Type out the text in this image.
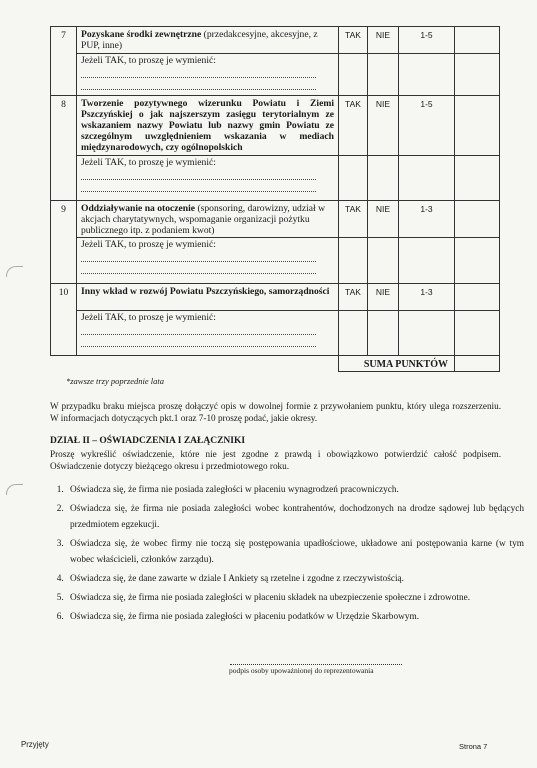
7	Pozyskane środki zewnętrzne (przedakcesyjne, akcesyjne, z PUP, inne)	TAK	NIE	1-5	

	Jeżeli TAK, to proszę je wymienić:				

8	Tworzenie pozytywnego wizerunku Powiatu i Ziemi Pszczyńskiej o jak najszerszym zasięgu terytorialnym ze wskazaniem nazwy Powiatu lub nazwy gmin Powiatu ze szczególnym uwzględnieniem wskazania w mediach międzynarodowych, czy ogólnopolskich	TAK	NIE	1-5	

	Jeżeli TAK, to proszę je wymienić:				

9	Oddziaływanie na otoczenie (sponsoring, darowizny, udział w akcjach charytatywnych, wspomaganie organizacji pożytku publicznego itp. z podaniem kwot)	TAK	NIE	1-3	

	Jeżeli TAK, to proszę je wymienić:				

10	Inny wkład w rozwój Powiatu Pszczyńskiego, samorządności	TAK	NIE	1-3	

	Jeżeli TAK, to proszę je wymienić:				

		SUMA PUNKTÓW			
*zawsze trzy poprzednie lata
W przypadku braku miejsca proszę dołączyć opis w dowolnej formie z przywołaniem punktu, który ulega rozszerzeniu. W informacjach dotyczących pkt.1 oraz 7-10 proszę podać, jakie okresy.
DZIAŁ II – OŚWIADCZENIA I ZAŁĄCZNIKI
Proszę wykreślić oświadczenie, które nie jest zgodne z prawdą i obowiązkowo potwierdzić całość podpisem. Oświadczenie dotyczy bieżącego okresu i przedmiotowego roku.
1. Oświadcza się, że firma nie posiada zaległości w płaceniu wynagrodzeń pracowniczych.
2. Oświadcza się, że firma nie posiada zaległości wobec kontrahentów, dochodzonych na drodze sądowej lub będących przedmiotem egzekucji.
3. Oświadcza się, że wobec firmy nie toczą się postępowania upadłościowe, układowe ani postępowania karne (w tym wobec właścicieli, członków zarządu).
4. Oświadcza się, że dane zawarte w dziale I Ankiety są rzetelne i zgodne z rzeczywistością.
5. Oświadcza się, że firma nie posiada zaległości w płaceniu składek na ubezpieczenie społeczne i zdrowotne.
6. Oświadcza się, że firma nie posiada zaległości w płaceniu podatków w Urzędzie Skarbowym.
podpis osoby upoważnionej do reprezentowania
Przyjęty	Strona 7
